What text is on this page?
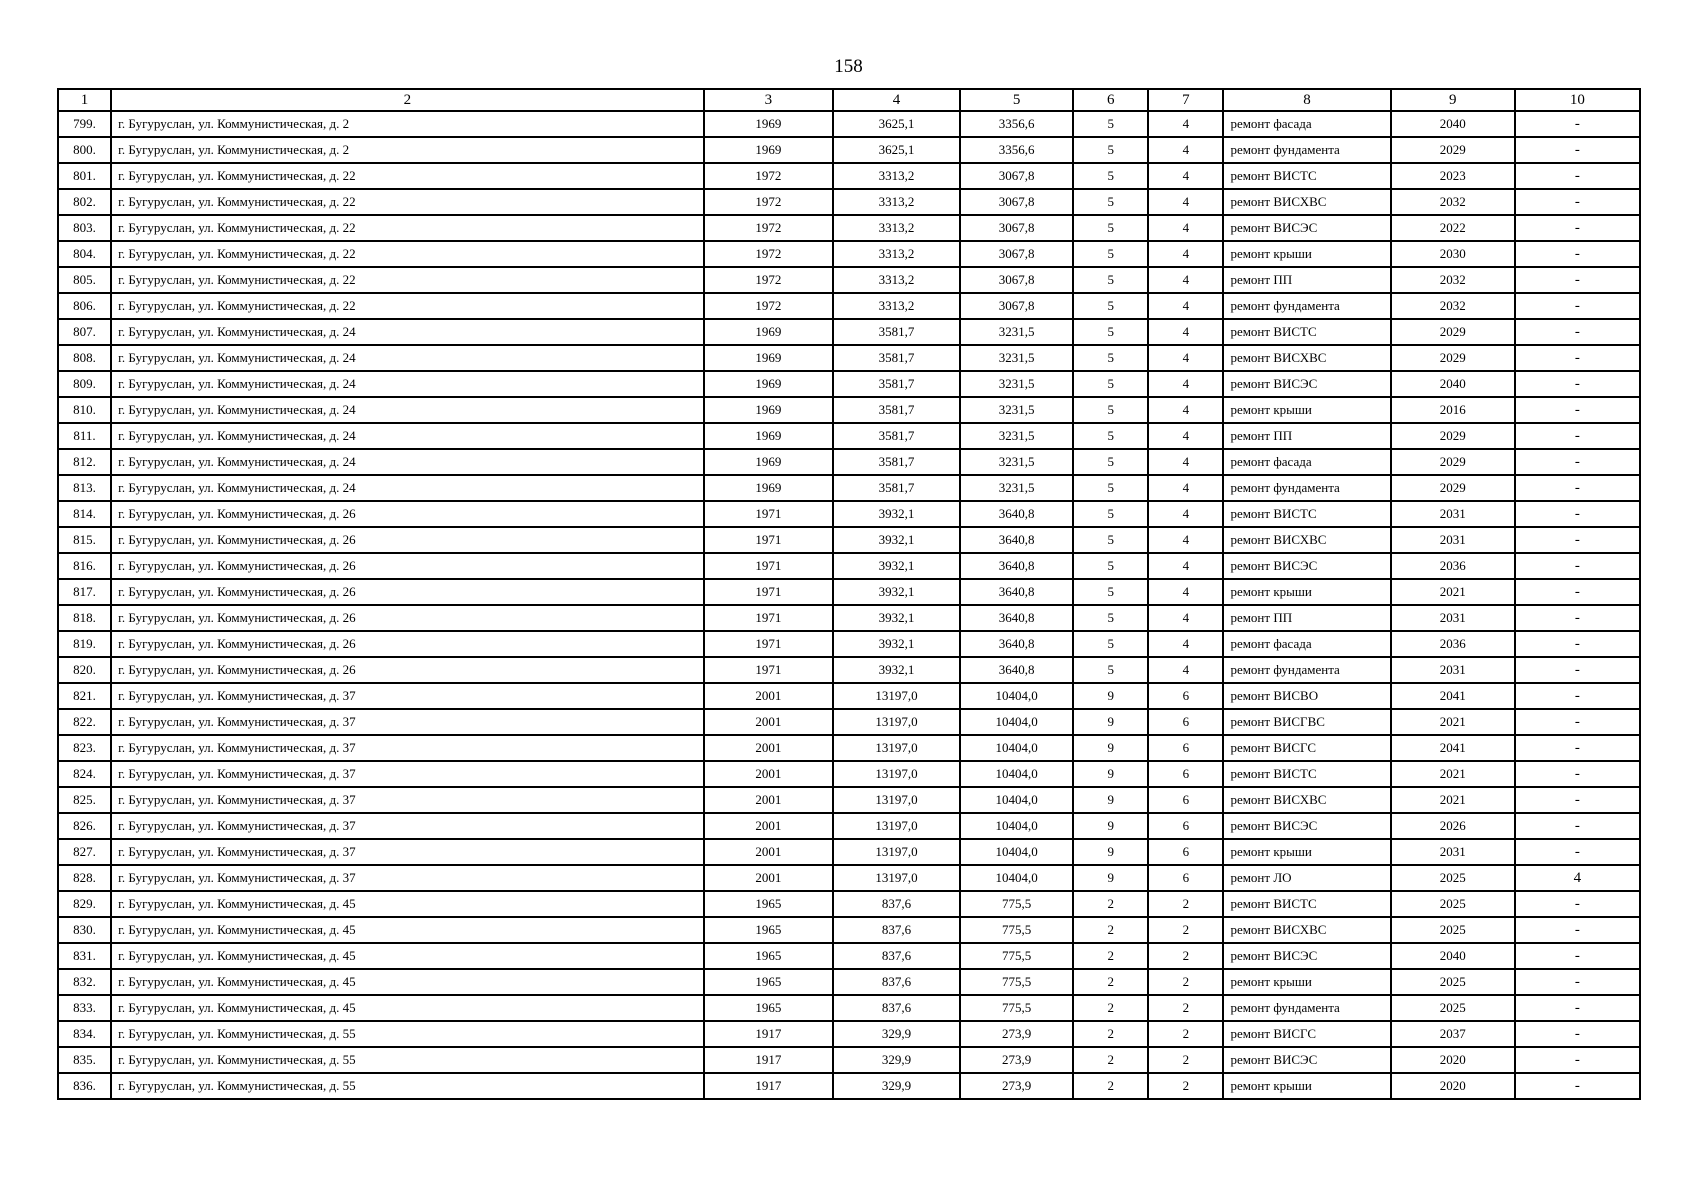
158
1	2	3	4	5	6	7	8	9	10
799.	г. Бугуруслан, ул. Коммунистическая, д. 2	1969	3625,1	3356,6	5	4	ремонт фасада	2040	-
800.	г. Бугуруслан, ул. Коммунистическая, д. 2	1969	3625,1	3356,6	5	4	ремонт фундамента	2029	-
801.	г. Бугуруслан, ул. Коммунистическая, д. 22	1972	3313,2	3067,8	5	4	ремонт ВИСТС	2023	-
802.	г. Бугуруслан, ул. Коммунистическая, д. 22	1972	3313,2	3067,8	5	4	ремонт ВИСХВС	2032	-
803.	г. Бугуруслан, ул. Коммунистическая, д. 22	1972	3313,2	3067,8	5	4	ремонт ВИСЭС	2022	-
804.	г. Бугуруслан, ул. Коммунистическая, д. 22	1972	3313,2	3067,8	5	4	ремонт крыши	2030	-
805.	г. Бугуруслан, ул. Коммунистическая, д. 22	1972	3313,2	3067,8	5	4	ремонт ПП	2032	-
806.	г. Бугуруслан, ул. Коммунистическая, д. 22	1972	3313,2	3067,8	5	4	ремонт фундамента	2032	-
807.	г. Бугуруслан, ул. Коммунистическая, д. 24	1969	3581,7	3231,5	5	4	ремонт ВИСТС	2029	-
808.	г. Бугуруслан, ул. Коммунистическая, д. 24	1969	3581,7	3231,5	5	4	ремонт ВИСХВС	2029	-
809.	г. Бугуруслан, ул. Коммунистическая, д. 24	1969	3581,7	3231,5	5	4	ремонт ВИСЭС	2040	-
810.	г. Бугуруслан, ул. Коммунистическая, д. 24	1969	3581,7	3231,5	5	4	ремонт крыши	2016	-
811.	г. Бугуруслан, ул. Коммунистическая, д. 24	1969	3581,7	3231,5	5	4	ремонт ПП	2029	-
812.	г. Бугуруслан, ул. Коммунистическая, д. 24	1969	3581,7	3231,5	5	4	ремонт фасада	2029	-
813.	г. Бугуруслан, ул. Коммунистическая, д. 24	1969	3581,7	3231,5	5	4	ремонт фундамента	2029	-
814.	г. Бугуруслан, ул. Коммунистическая, д. 26	1971	3932,1	3640,8	5	4	ремонт ВИСТС	2031	-
815.	г. Бугуруслан, ул. Коммунистическая, д. 26	1971	3932,1	3640,8	5	4	ремонт ВИСХВС	2031	-
816.	г. Бугуруслан, ул. Коммунистическая, д. 26	1971	3932,1	3640,8	5	4	ремонт ВИСЭС	2036	-
817.	г. Бугуруслан, ул. Коммунистическая, д. 26	1971	3932,1	3640,8	5	4	ремонт крыши	2021	-
818.	г. Бугуруслан, ул. Коммунистическая, д. 26	1971	3932,1	3640,8	5	4	ремонт ПП	2031	-
819.	г. Бугуруслан, ул. Коммунистическая, д. 26	1971	3932,1	3640,8	5	4	ремонт фасада	2036	-
820.	г. Бугуруслан, ул. Коммунистическая, д. 26	1971	3932,1	3640,8	5	4	ремонт фундамента	2031	-
821.	г. Бугуруслан, ул. Коммунистическая, д. 37	2001	13197,0	10404,0	9	6	ремонт ВИСВО	2041	-
822.	г. Бугуруслан, ул. Коммунистическая, д. 37	2001	13197,0	10404,0	9	6	ремонт ВИСГВС	2021	-
823.	г. Бугуруслан, ул. Коммунистическая, д. 37	2001	13197,0	10404,0	9	6	ремонт ВИСГС	2041	-
824.	г. Бугуруслан, ул. Коммунистическая, д. 37	2001	13197,0	10404,0	9	6	ремонт ВИСТС	2021	-
825.	г. Бугуруслан, ул. Коммунистическая, д. 37	2001	13197,0	10404,0	9	6	ремонт ВИСХВС	2021	-
826.	г. Бугуруслан, ул. Коммунистическая, д. 37	2001	13197,0	10404,0	9	6	ремонт ВИСЭС	2026	-
827.	г. Бугуруслан, ул. Коммунистическая, д. 37	2001	13197,0	10404,0	9	6	ремонт крыши	2031	-
828.	г. Бугуруслан, ул. Коммунистическая, д. 37	2001	13197,0	10404,0	9	6	ремонт ЛО	2025	4
829.	г. Бугуруслан, ул. Коммунистическая, д. 45	1965	837,6	775,5	2	2	ремонт ВИСТС	2025	-
830.	г. Бугуруслан, ул. Коммунистическая, д. 45	1965	837,6	775,5	2	2	ремонт ВИСХВС	2025	-
831.	г. Бугуруслан, ул. Коммунистическая, д. 45	1965	837,6	775,5	2	2	ремонт ВИСЭС	2040	-
832.	г. Бугуруслан, ул. Коммунистическая, д. 45	1965	837,6	775,5	2	2	ремонт крыши	2025	-
833.	г. Бугуруслан, ул. Коммунистическая, д. 45	1965	837,6	775,5	2	2	ремонт фундамента	2025	-
834.	г. Бугуруслан, ул. Коммунистическая, д. 55	1917	329,9	273,9	2	2	ремонт ВИСГС	2037	-
835.	г. Бугуруслан, ул. Коммунистическая, д. 55	1917	329,9	273,9	2	2	ремонт ВИСЭС	2020	-
836.	г. Бугуруслан, ул. Коммунистическая, д. 55	1917	329,9	273,9	2	2	ремонт крыши	2020	-
